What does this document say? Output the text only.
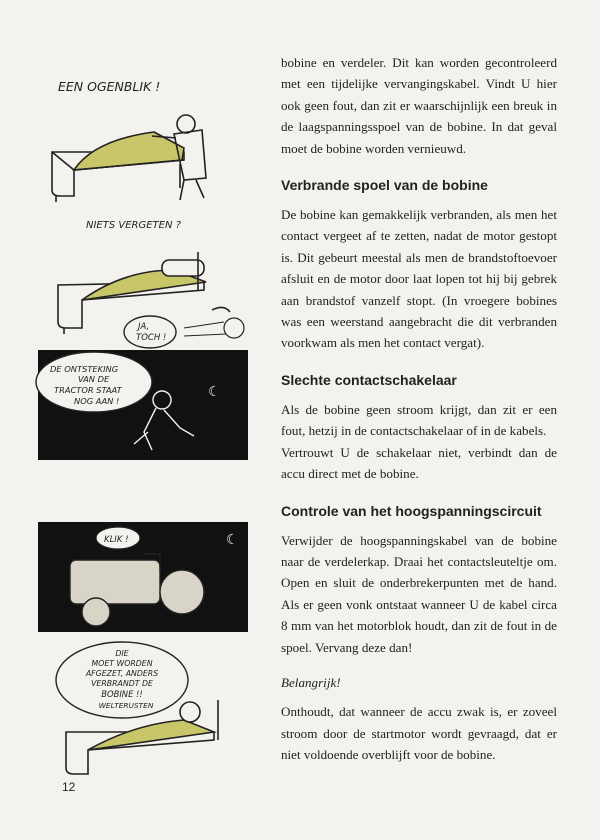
EEN OGENBLIK !
NIETS VERGETEN ?
JA,
TOCH !
DE ONTSTEKING
VAN DE
TRACTOR STAAT
NOG AAN !
☾
☾
KLIK !
DIE
MOET WORDEN
AFGEZET, ANDERS
VERBRANDT DE
BOBINE !!
WELTERUSTEN

bobine en verdeler. Dit kan worden gecontroleerd met een tijdelijke vervangingskabel. Vindt U hier ook geen fout, dan zit er waarschijnlijk een breuk in de laagspanningsspoel van de bobine. In dat geval moet de bobine worden vernieuwd.

Verbrande spoel van de bobine

De bobine kan gemakkelijk verbranden, als men het contact vergeet af te zetten, nadat de motor gestopt is. Dit gebeurt meestal als men de brandstoftoevoer afsluit en de motor door laat lopen tot hij bij gebrek aan brandstof vanzelf stopt. (In vroegere bobines was een weerstand aangebracht die dit verbranden voorkwam als men het contact vergat).

Slechte contactschakelaar

Als de bobine geen stroom krijgt, dan zit er een fout, hetzij in de contactschakelaar of in de kabels.

Vertrouwt U de schakelaar niet, verbindt dan de accu direct met de bobine.

Controle van het hoogspanningscircuit

Verwijder de hoogspanningskabel van de bobine naar de verdelerkap. Draai het contactsleuteltje om. Open en sluit de onderbrekerpunten met de hand. Als er geen vonk ontstaat wanneer U de kabel circa 8 mm van het motorblok houdt, dan zit de fout in de spoel. Vervang deze dan!

Belangrijk!

Onthoudt, dat wanneer de accu zwak is, er zoveel stroom door de startmotor wordt gevraagd, dat er niet voldoende overblijft voor de bobine.

12
